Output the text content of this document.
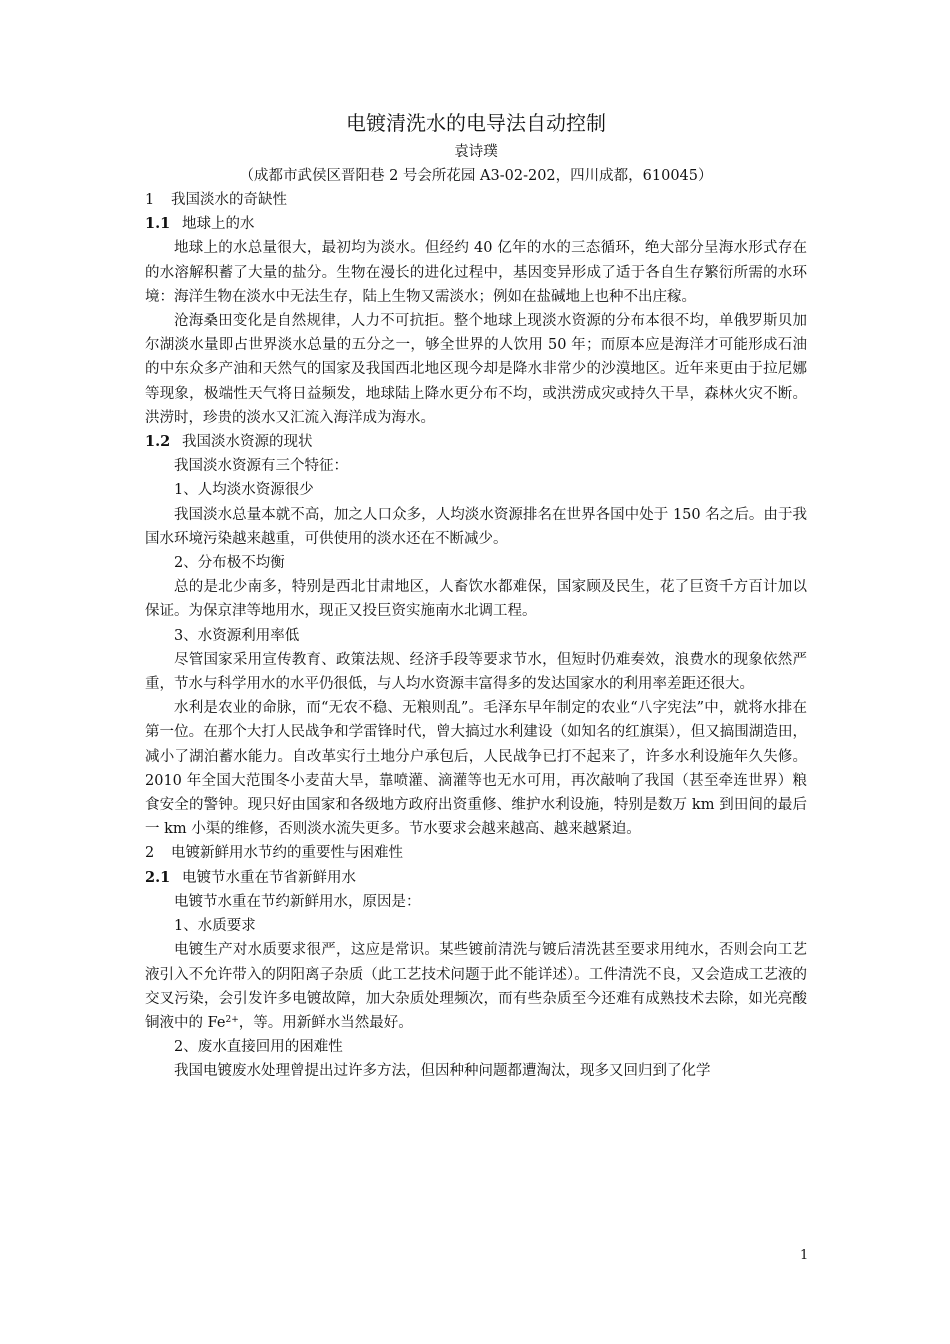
电镀清洗水的电导法自动控制

袁诗璞

（成都市武侯区晋阳巷 2 号会所花园 A3-02-202，四川成都，610045）

1 我国淡水的奇缺性

1.1 地球上的水

地球上的水总量很大，最初均为淡水。但经约 40 亿年的水的三态循环，绝大部分呈海水形式存在的水溶解积蓄了大量的盐分。生物在漫长的进化过程中，基因变异形成了适于各自生存繁衍所需的水环境：海洋生物在淡水中无法生存，陆上生物又需淡水；例如在盐碱地上也种不出庄稼。

沧海桑田变化是自然规律，人力不可抗拒。整个地球上现淡水资源的分布本很不均，单俄罗斯贝加尔湖淡水量即占世界淡水总量的五分之一，够全世界的人饮用 50 年；而原本应是海洋才可能形成石油的中东众多产油和天然气的国家及我国西北地区现今却是降水非常少的沙漠地区。近年来更由于拉尼娜等现象，极端性天气将日益频发，地球陆上降水更分布不均，或洪涝成灾或持久干旱，森林火灾不断。洪涝时，珍贵的淡水又汇流入海洋成为海水。

1.2 我国淡水资源的现状

我国淡水资源有三个特征：

1、人均淡水资源很少

我国淡水总量本就不高，加之人口众多，人均淡水资源排名在世界各国中处于 150 名之后。由于我国水环境污染越来越重，可供使用的淡水还在不断减少。

2、分布极不均衡

总的是北少南多，特别是西北甘肃地区，人畜饮水都难保，国家顾及民生，花了巨资千方百计加以保证。为保京津等地用水，现正又投巨资实施南水北调工程。

3、水资源利用率低

尽管国家采用宣传教育、政策法规、经济手段等要求节水，但短时仍难奏效，浪费水的现象依然严重，节水与科学用水的水平仍很低，与人均水资源丰富得多的发达国家水的利用率差距还很大。

水利是农业的命脉，而“无农不稳、无粮则乱”。毛泽东早年制定的农业“八字宪法”中，就将水排在第一位。在那个大打人民战争和学雷锋时代，曾大搞过水利建设（如知名的红旗渠），但又搞围湖造田，减小了湖泊蓄水能力。自改革实行土地分户承包后，人民战争已打不起来了，许多水利设施年久失修。2010 年全国大范围冬小麦苗大旱，靠喷灌、滴灌等也无水可用，再次敲响了我国（甚至牵连世界）粮食安全的警钟。现只好由国家和各级地方政府出资重修、维护水利设施，特别是数万 km 到田间的最后一 km 小渠的维修，否则淡水流失更多。节水要求会越来越高、越来越紧迫。

2 电镀新鲜用水节约的重要性与困难性

2.1 电镀节水重在节省新鲜用水

电镀节水重在节约新鲜用水，原因是：

1、水质要求

电镀生产对水质要求很严，这应是常识。某些镀前清洗与镀后清洗甚至要求用纯水，否则会向工艺液引入不允许带入的阴阳离子杂质（此工艺技术问题于此不能详述）。工件清洗不良，又会造成工艺液的交叉污染，会引发许多电镀故障，加大杂质处理频次，而有些杂质至今还难有成熟技术去除，如光亮酸铜液中的 $Fe^{2+}$，等。用新鲜水当然最好。

2、废水直接回用的困难性

我国电镀废水处理曾提出过许多方法，但因种种问题都遭淘汰，现多又回归到了化学

1
